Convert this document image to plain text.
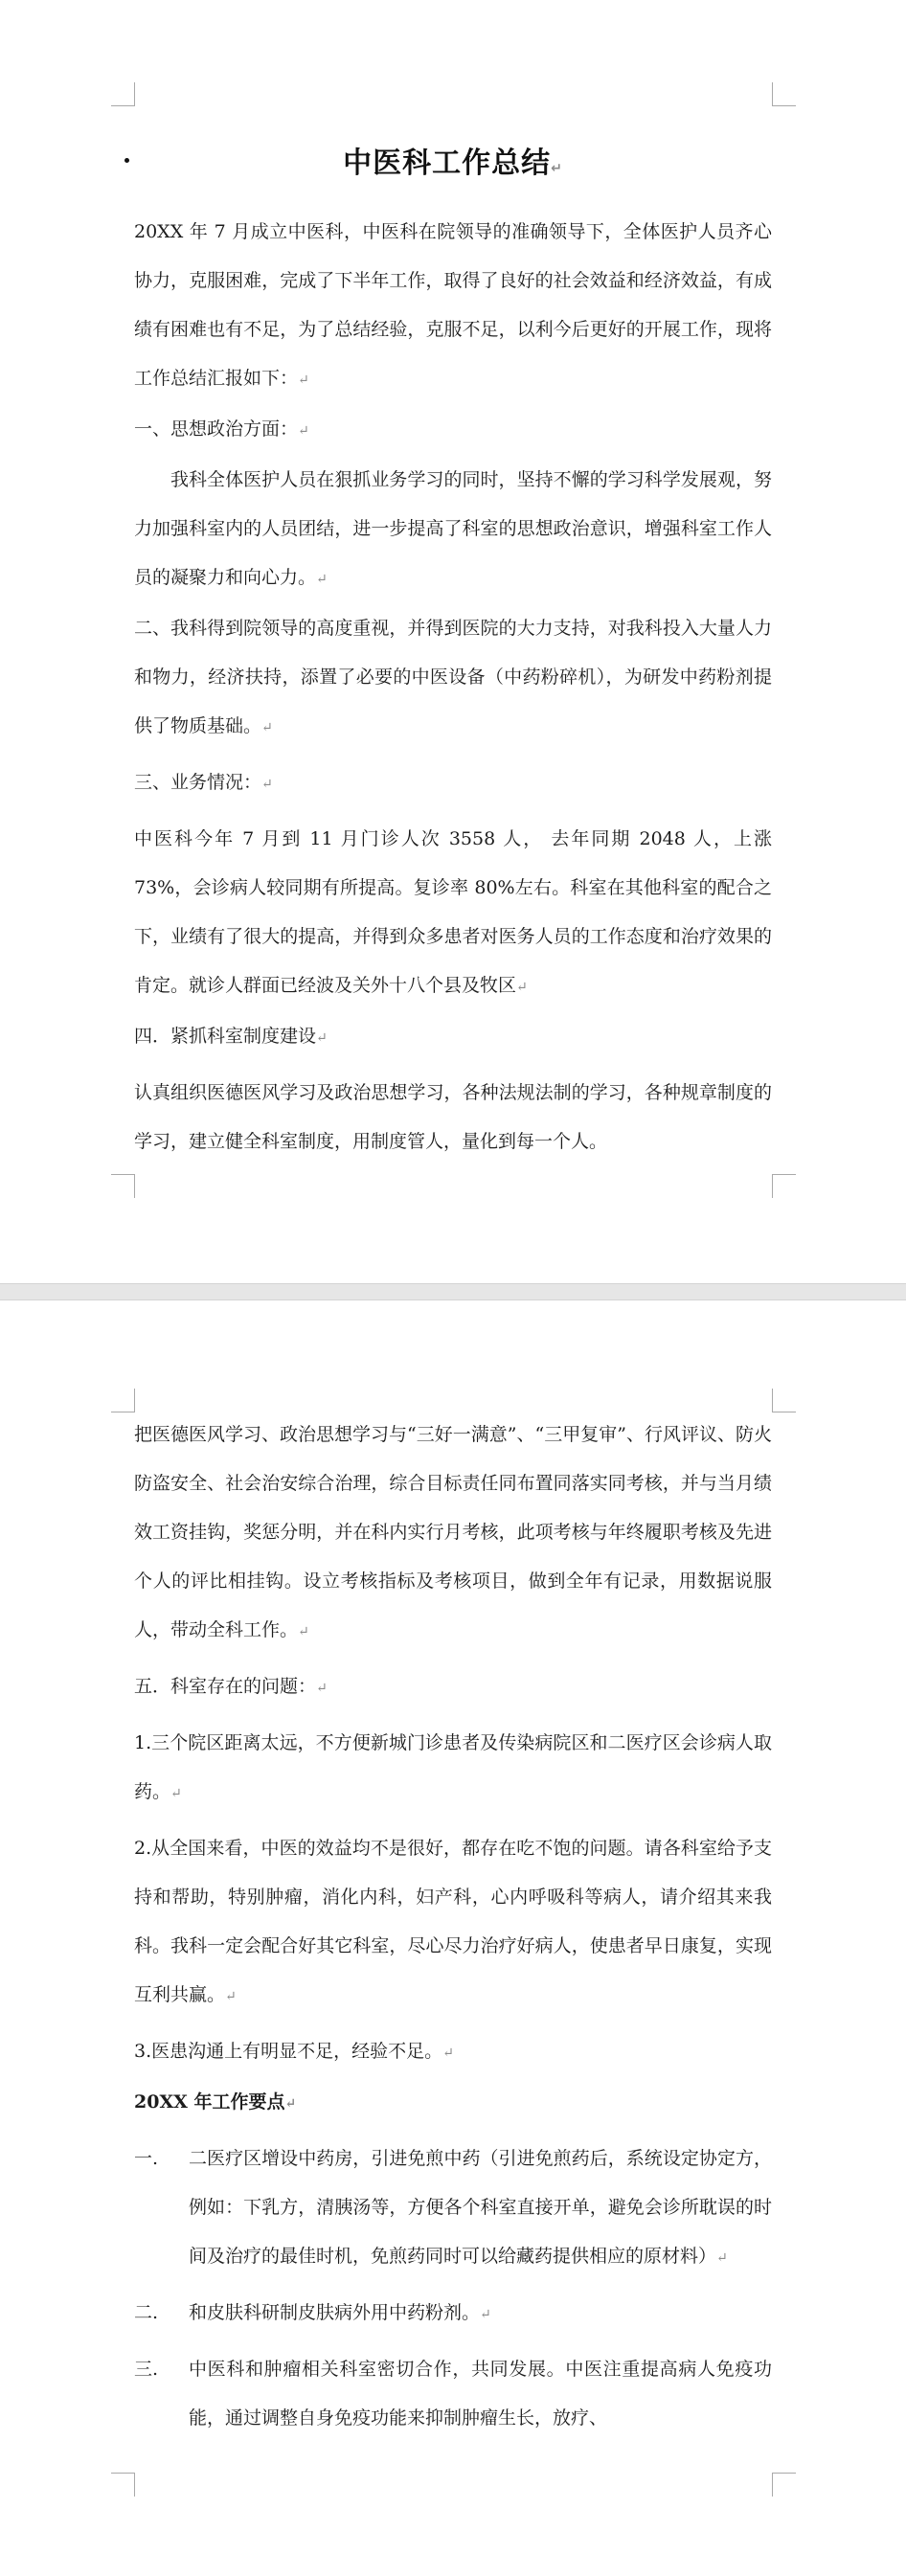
中医科工作总结↵

20XX 年 7 月成立中医科，中医科在院领导的准确领导下，全体医护人员齐心协力，克服困难，完成了下半年工作，取得了良好的社会效益和经济效益，有成绩有困难也有不足，为了总结经验，克服不足，以利今后更好的开展工作，现将工作总结汇报如下：↵

一、思想政治方面：↵

我科全体医护人员在狠抓业务学习的同时，坚持不懈的学习科学发展观，努力加强科室内的人员团结，进一步提高了科室的思想政治意识，增强科室工作人员的凝聚力和向心力。↵

二、我科得到院领导的高度重视，并得到医院的大力支持，对我科投入大量人力和物力，经济扶持，添置了必要的中医设备（中药粉碎机），为研发中药粉剂提供了物质基础。↵

三、业务情况：↵

中医科今年 7 月到 11 月门诊人次 3558 人， 去年同期 2048 人，上涨 73%，会诊病人较同期有所提高。复诊率 80%左右。科室在其他科室的配合之下，业绩有了很大的提高，并得到众多患者对医务人员的工作态度和治疗效果的肯定。就诊人群面已经波及关外十八个县及牧区↵

四．紧抓科室制度建设↵

认真组织医德医风学习及政治思想学习，各种法规法制的学习，各种规章制度的学习，建立健全科室制度，用制度管人，量化到每一个人。

把医德医风学习、政治思想学习与“三好一满意”、“三甲复审”、行风评议、防火防盗安全、社会治安综合治理，综合目标责任同布置同落实同考核，并与当月绩效工资挂钩，奖惩分明，并在科内实行月考核，此项考核与年终履职考核及先进个人的评比相挂钩。设立考核指标及考核项目，做到全年有记录，用数据说服人，带动全科工作。↵

五．科室存在的问题：↵

1.三个院区距离太远，不方便新城门诊患者及传染病院区和二医疗区会诊病人取药。↵

2.从全国来看，中医的效益均不是很好，都存在吃不饱的问题。请各科室给予支持和帮助，特别肿瘤，消化内科，妇产科，心内呼吸科等病人，请介绍其来我科。我科一定会配合好其它科室，尽心尽力治疗好病人，使患者早日康复，实现互利共赢。↵

3.医患沟通上有明显不足，经验不足。↵

20XX 年工作要点↵

一. 二医疗区增设中药房，引进免煎中药（引进免煎药后，系统设定协定方，例如：下乳方，清胰汤等，方便各个科室直接开单，避免会诊所耽误的时间及治疗的最佳时机，免煎药同时可以给藏药提供相应的原材料）↵

二. 和皮肤科研制皮肤病外用中药粉剂。↵

三. 中医科和肿瘤相关科室密切合作，共同发展。中医注重提高病人免疫功能，通过调整自身免疫功能来抑制肿瘤生长，放疗、
